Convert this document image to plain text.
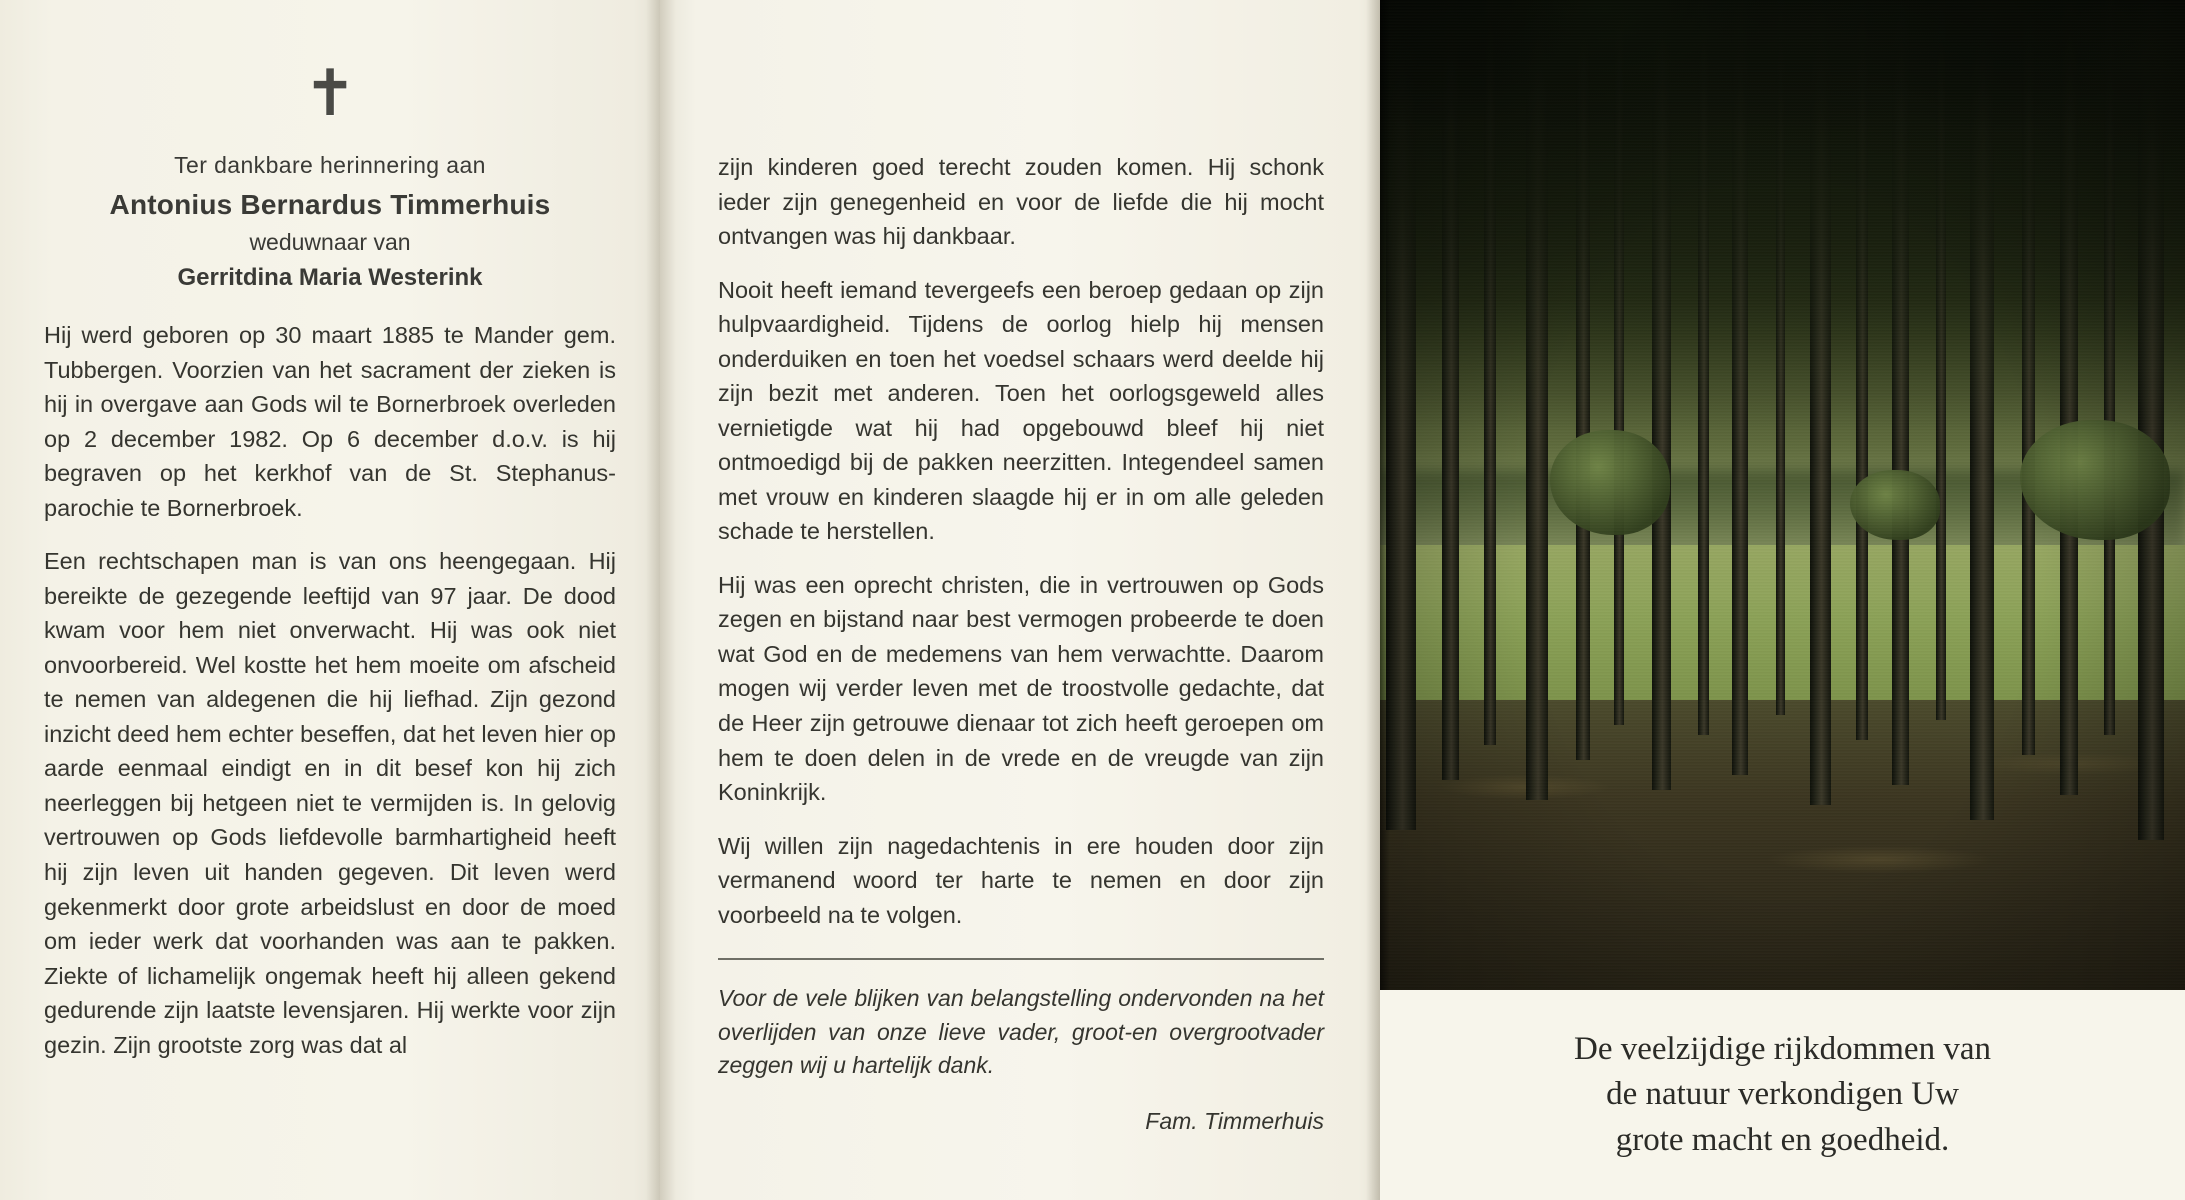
✝
Ter dankbare herinnering aan
Antonius Bernardus Timmerhuis
weduwnaar van
Gerritdina Maria Westerink

Hij werd geboren op 30 maart 1885 te Mander gem. Tubbergen. Voorzien van het sacrament der zieken is hij in overgave aan Gods wil te Bornerbroek overleden op 2 december 1982. Op 6 december d.o.v. is hij begraven op het kerkhof van de St. Stephanus-parochie te Bornerbroek.

Een rechtschapen man is van ons heengegaan. Hij bereikte de gezegende leeftijd van 97 jaar. De dood kwam voor hem niet onverwacht. Hij was ook niet onvoorbereid. Wel kostte het hem moeite om afscheid te nemen van aldegenen die hij liefhad. Zijn gezond inzicht deed hem echter beseffen, dat het leven hier op aarde eenmaal eindigt en in dit besef kon hij zich neerleggen bij hetgeen niet te vermijden is. In gelovig vertrouwen op Gods liefdevolle barmhartigheid heeft hij zijn leven uit handen gegeven. Dit leven werd gekenmerkt door grote arbeidslust en door de moed om ieder werk dat voorhanden was aan te pakken. Ziekte of lichamelijk ongemak heeft hij alleen gekend gedurende zijn laatste levensjaren. Hij werkte voor zijn gezin. Zijn grootste zorg was dat al

zijn kinderen goed terecht zouden komen. Hij schonk ieder zijn genegenheid en voor de liefde die hij mocht ontvangen was hij dankbaar.

Nooit heeft iemand tevergeefs een beroep gedaan op zijn hulpvaardigheid. Tijdens de oorlog hielp hij mensen onderduiken en toen het voedsel schaars werd deelde hij zijn bezit met anderen. Toen het oorlogsgeweld alles vernietigde wat hij had opgebouwd bleef hij niet ontmoedigd bij de pakken neerzitten. Integendeel samen met vrouw en kinderen slaagde hij er in om alle geleden schade te herstellen.

Hij was een oprecht christen, die in vertrouwen op Gods zegen en bijstand naar best vermogen probeerde te doen wat God en de medemens van hem verwachtte. Daarom mogen wij verder leven met de troostvolle gedachte, dat de Heer zijn getrouwe dienaar tot zich heeft geroepen om hem te doen delen in de vrede en de vreugde van zijn Koninkrijk.

Wij willen zijn nagedachtenis in ere houden door zijn vermanend woord ter harte te nemen en door zijn voorbeeld na te volgen.

Voor de vele blijken van belangstelling ondervonden na het overlijden van onze lieve vader, groot-en overgrootvader zeggen wij u hartelijk dank.
Fam. Timmerhuis

De veelzijdige rijkdommen van
de natuur verkondigen Uw
grote macht en goedheid.
